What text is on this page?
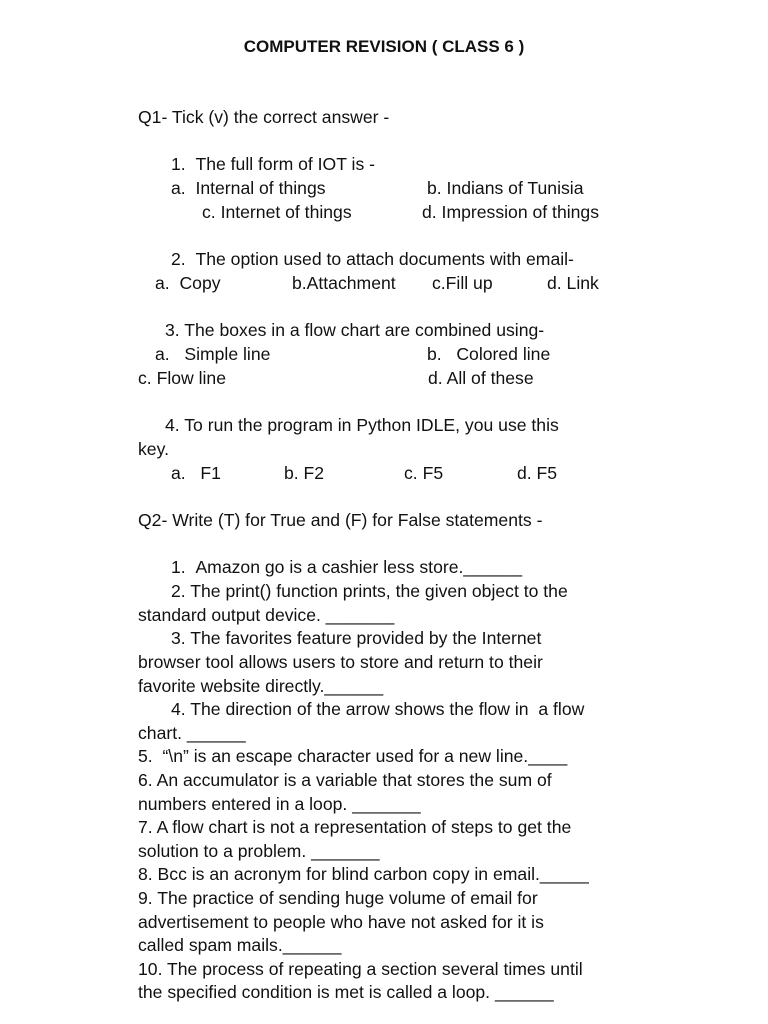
COMPUTER REVISION ( CLASS 6 )
Q1- Tick (v) the correct answer -
1.  The full form of IOT is -
a.  Internal of things	b. Indians of Tunisia
c. Internet of things	d. Impression of things
2.  The option used to attach documents with email-
a.  Copy	b.Attachment c.Fill up	d. Link
3. The boxes in a flow chart are combined using-
a.   Simple line	b.   Colored line
c. Flow line	d. All of these
4. To run the program in Python IDLE, you use this
key.
a.   F1	b. F2	c. F5	d. F5
Q2- Write (T) for True and (F) for False statements -
1.  Amazon go is a cashier less store.______
2. The print() function prints, the given object to the
standard output device. _______
3. The favorites feature provided by the Internet
browser tool allows users to store and return to their
favorite website directly.______
4. The direction of the arrow shows the flow in  a flow
chart. ______
5.  “\n” is an escape character used for a new line.____
6. An accumulator is a variable that stores the sum of
numbers entered in a loop. _______
7. A flow chart is not a representation of steps to get the
solution to a problem. _______
8. Bcc is an acronym for blind carbon copy in email._____
9. The practice of sending huge volume of email for
advertisement to people who have not asked for it is
called spam mails.______
10. The process of repeating a section several times until
the specified condition is met is called a loop. ______
